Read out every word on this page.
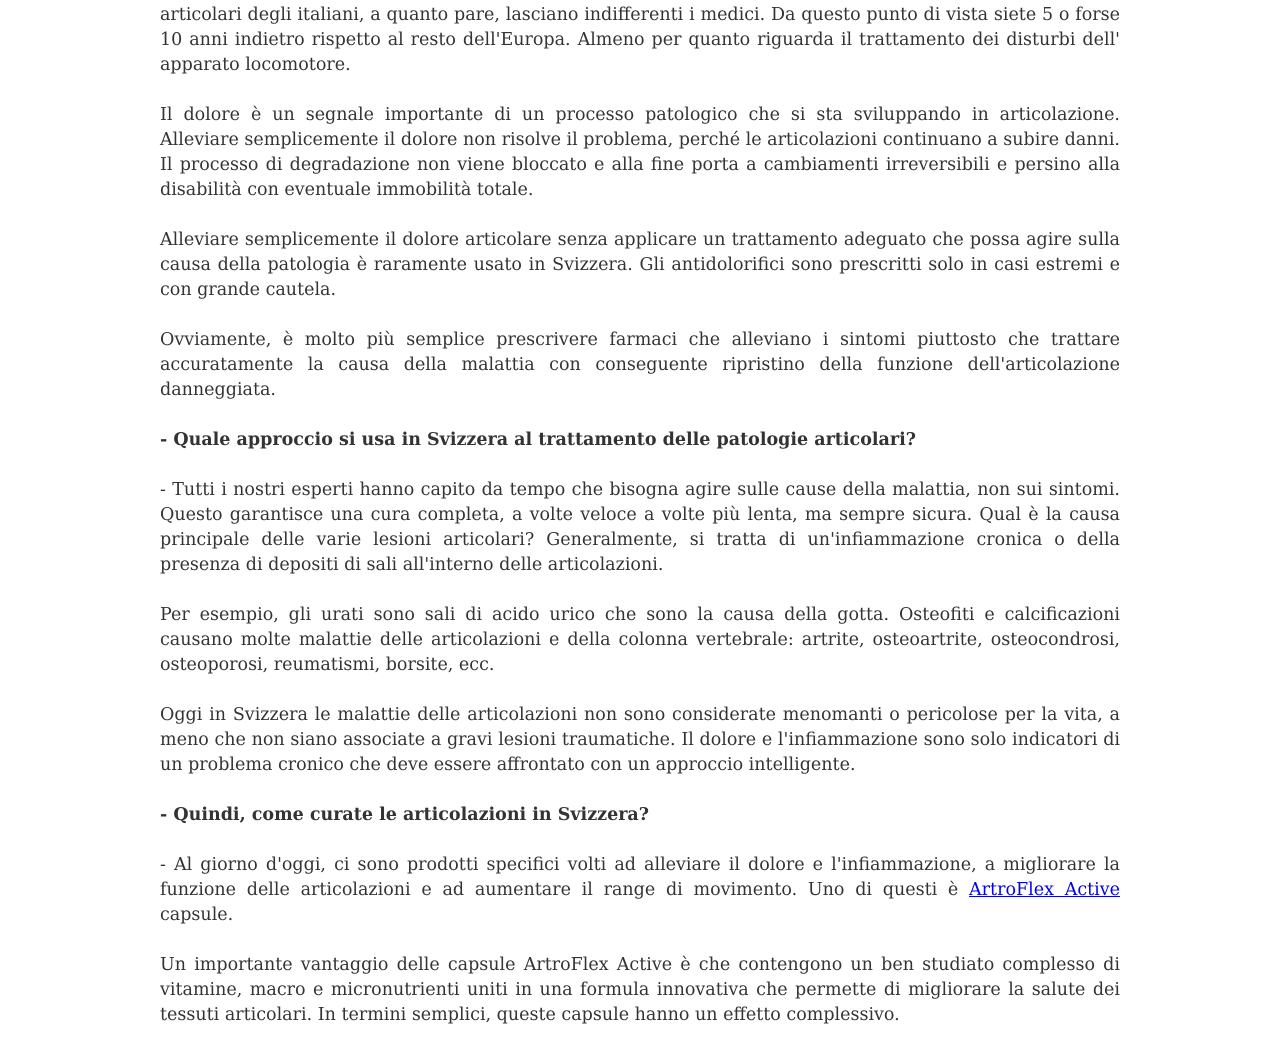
articolari degli italiani, a quanto pare, lasciano indifferenti i medici. Da questo punto di vista siete 5 o forse 10 anni indietro rispetto al resto dell'Europa. Almeno per quanto riguarda il trattamento dei disturbi dell' apparato locomotore.

Il dolore è un segnale importante di un processo patologico che si sta sviluppando in articolazione. Alleviare semplicemente il dolore non risolve il problema, perché le articolazioni continuano a subire danni. Il processo di degradazione non viene bloccato e alla fine porta a cambiamenti irreversibili e persino alla disabilità con eventuale immobilità totale.

Alleviare semplicemente il dolore articolare senza applicare un trattamento adeguato che possa agire sulla causa della patologia è raramente usato in Svizzera. Gli antidolorifici sono prescritti solo in casi estremi e con grande cautela.

Ovviamente, è molto più semplice prescrivere farmaci che alleviano i sintomi piuttosto che trattare accuratamente la causa della malattia con conseguente ripristino della funzione dell'articolazione danneggiata.

- Quale approccio si usa in Svizzera al trattamento delle patologie articolari?

- Tutti i nostri esperti hanno capito da tempo che bisogna agire sulle cause della malattia, non sui sintomi. Questo garantisce una cura completa, a volte veloce a volte più lenta, ma sempre sicura. Qual è la causa principale delle varie lesioni articolari? Generalmente, si tratta di un'infiammazione cronica o della presenza di depositi di sali all'interno delle articolazioni.

Per esempio, gli urati sono sali di acido urico che sono la causa della gotta. Osteofiti e calcificazioni causano molte malattie delle articolazioni e della colonna vertebrale: artrite, osteoartrite, osteocondrosi, osteoporosi, reumatismi, borsite, ecc.

Oggi in Svizzera le malattie delle articolazioni non sono considerate menomanti o pericolose per la vita, a meno che non siano associate a gravi lesioni traumatiche. Il dolore e l'infiammazione sono solo indicatori di un problema cronico che deve essere affrontato con un approccio intelligente.

- Quindi, come curate le articolazioni in Svizzera?

- Al giorno d'oggi, ci sono prodotti specifici volti ad alleviare il dolore e l'infiammazione, a migliorare la funzione delle articolazioni e ad aumentare il range di movimento. Uno di questi è ArtroFlex Active capsule.

Un importante vantaggio delle capsule ArtroFlex Active è che contengono un ben studiato complesso di vitamine, macro e micronutrienti uniti in una formula innovativa che permette di migliorare la salute dei tessuti articolari. In termini semplici, queste capsule hanno un effetto complessivo.
